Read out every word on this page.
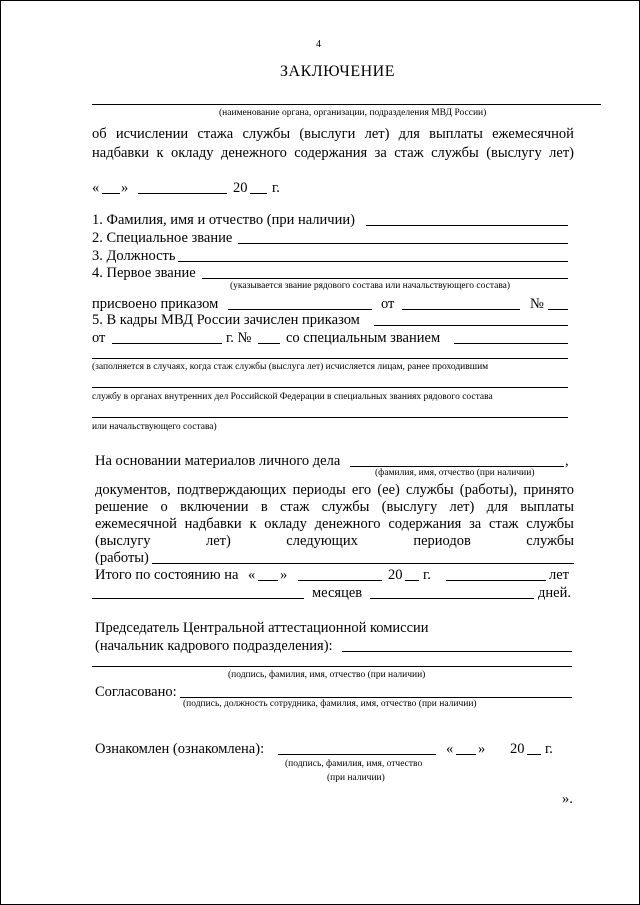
4
ЗАКЛЮЧЕНИЕ
(наименование органа, организации, подразделения МВД России)
об исчислении стажа службы (выслуги лет) для выплаты ежемесячной
надбавки к окладу денежного содержания за стаж службы (выслугу лет)
« »	20 г.
1. Фамилия, имя и отчество (при наличии)
2. Специальное звание
3. Должность
4. Первое звание
(указывается звание рядового состава или начальствующего состава)
присвоено приказом	от	№
5. В кадры МВД России зачислен приказом
от	г. № со специальным званием
(заполняется в случаях, когда стаж службы (выслуга лет) исчисляется лицам, ранее проходившим
службу в органах внутренних дел Российской Федерации в специальных званиях рядового состава
или начальствующего состава)
На основании материалов личного дела	,
(фамилия, имя, отчество (при наличии)
документов, подтверждающих периоды его (ее) службы (работы), принято
решение о включении в стаж службы (выслугу лет) для выплаты
ежемесячной надбавки к окладу денежного содержания за стаж службы
(выслугу	лет)	следующих	периодов	службы
(работы)
Итого по состоянию на « »	20 г.	лет
месяцев	дней.
Председатель Центральной аттестационной комиссии
(начальник кадрового подразделения):
(подпись, фамилия, имя, отчество (при наличии)
Согласовано:
(подпись, должность сотрудника, фамилия, имя, отчество (при наличии)
Ознакомлен (ознакомлена):	« » 20 г.
(подпись, фамилия, имя, отчество
(при наличии)
».
